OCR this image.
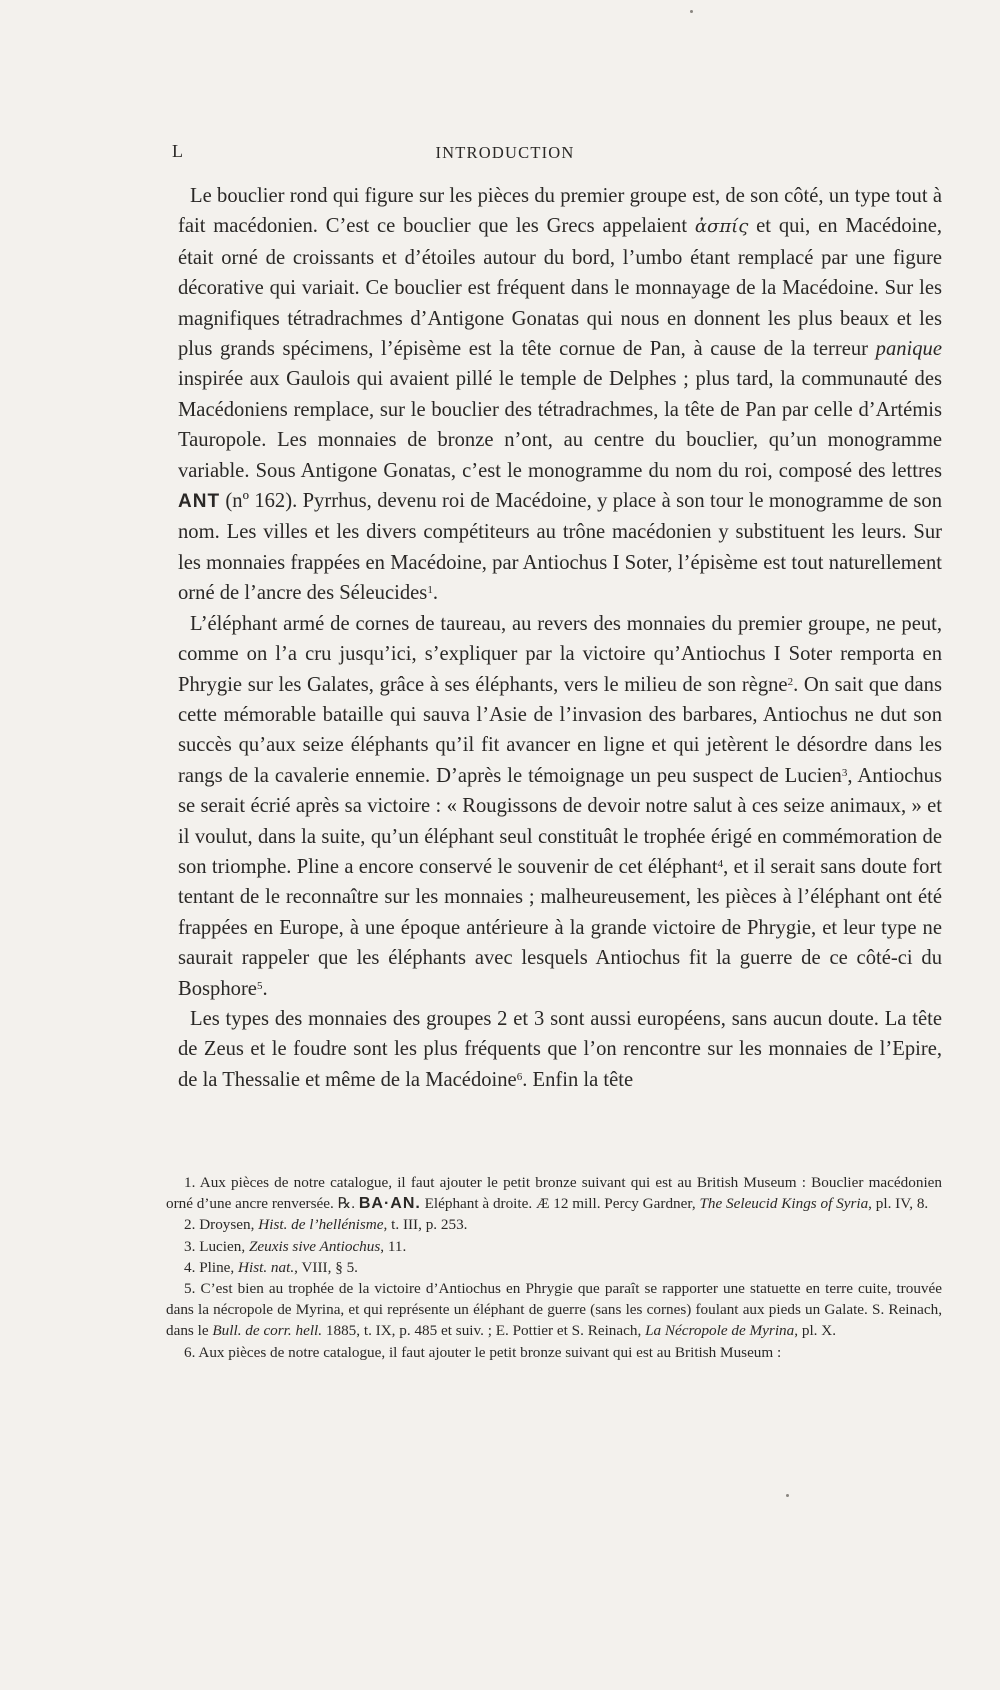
L	INTRODUCTION

Le bouclier rond qui figure sur les pièces du premier groupe est, de son côté, un type tout à fait macédonien. C’est ce bouclier que les Grecs appelaient ἀσπίς et qui, en Macédoine, était orné de croissants et d’étoiles autour du bord, l’umbo étant remplacé par une figure décorative qui variait. Ce bouclier est fréquent dans le monnayage de la Macédoine. Sur les magnifiques tétradrachmes d’Antigone Gonatas qui nous en donnent les plus beaux et les plus grands spécimens, l’épisème est la tête cornue de Pan, à cause de la terreur panique inspirée aux Gaulois qui avaient pillé le temple de Delphes ; plus tard, la communauté des Macédoniens remplace, sur le bouclier des tétradrachmes, la tête de Pan par celle d’Artémis Tauropole. Les monnaies de bronze n’ont, au centre du bouclier, qu’un monogramme variable. Sous Antigone Gonatas, c’est le monogramme du nom du roi, composé des lettres ANT (nº 162). Pyrrhus, devenu roi de Macédoine, y place à son tour le monogramme de son nom. Les villes et les divers compétiteurs au trône macédonien y substituent les leurs. Sur les monnaies frappées en Macédoine, par Antiochus I Soter, l’épisème est tout naturellement orné de l’ancre des Séleucides$^1$.

L’éléphant armé de cornes de taureau, au revers des monnaies du premier groupe, ne peut, comme on l’a cru jusqu’ici, s’expliquer par la victoire qu’Antiochus I Soter remporta en Phrygie sur les Galates, grâce à ses éléphants, vers le milieu de son règne$^2$. On sait que dans cette mémorable bataille qui sauva l’Asie de l’invasion des barbares, Antiochus ne dut son succès qu’aux seize éléphants qu’il fit avancer en ligne et qui jetèrent le désordre dans les rangs de la cavalerie ennemie. D’après le témoignage un peu suspect de Lucien$^3$, Antiochus se serait écrié après sa victoire : « Rougissons de devoir notre salut à ces seize animaux, » et il voulut, dans la suite, qu’un éléphant seul constituât le trophée érigé en commémoration de son triomphe. Pline a encore conservé le souvenir de cet éléphant$^4$, et il serait sans doute fort tentant de le reconnaître sur les monnaies ; malheureusement, les pièces à l’éléphant ont été frappées en Europe, à une époque antérieure à la grande victoire de Phrygie, et leur type ne saurait rappeler que les éléphants avec lesquels Antiochus fit la guerre de ce côté-ci du Bosphore$^5$.

Les types des monnaies des groupes 2 et 3 sont aussi européens, sans aucun doute. La tête de Zeus et le foudre sont les plus fréquents que l’on rencontre sur les monnaies de l’Epire, de la Thessalie et même de la Macédoine$^6$. Enfin la tête

1. Aux pièces de notre catalogue, il faut ajouter le petit bronze suivant qui est au British Museum : Bouclier macédonien orné d’une ancre renversée. ℞. BA·AN. Eléphant à droite. Æ 12 mill. Percy Gardner, The Seleucid Kings of Syria, pl. IV, 8.

2. Droysen, Hist. de l’hellénisme, t. III, p. 253.

3. Lucien, Zeuxis sive Antiochus, 11.

4. Pline, Hist. nat., VIII, § 5.

5. C’est bien au trophée de la victoire d’Antiochus en Phrygie que paraît se rapporter une statuette en terre cuite, trouvée dans la nécropole de Myrina, et qui représente un éléphant de guerre (sans les cornes) foulant aux pieds un Galate. S. Reinach, dans le Bull. de corr. hell. 1885, t. IX, p. 485 et suiv. ; E. Pottier et S. Reinach, La Nécropole de Myrina, pl. X.

6. Aux pièces de notre catalogue, il faut ajouter le petit bronze suivant qui est au British Museum :
